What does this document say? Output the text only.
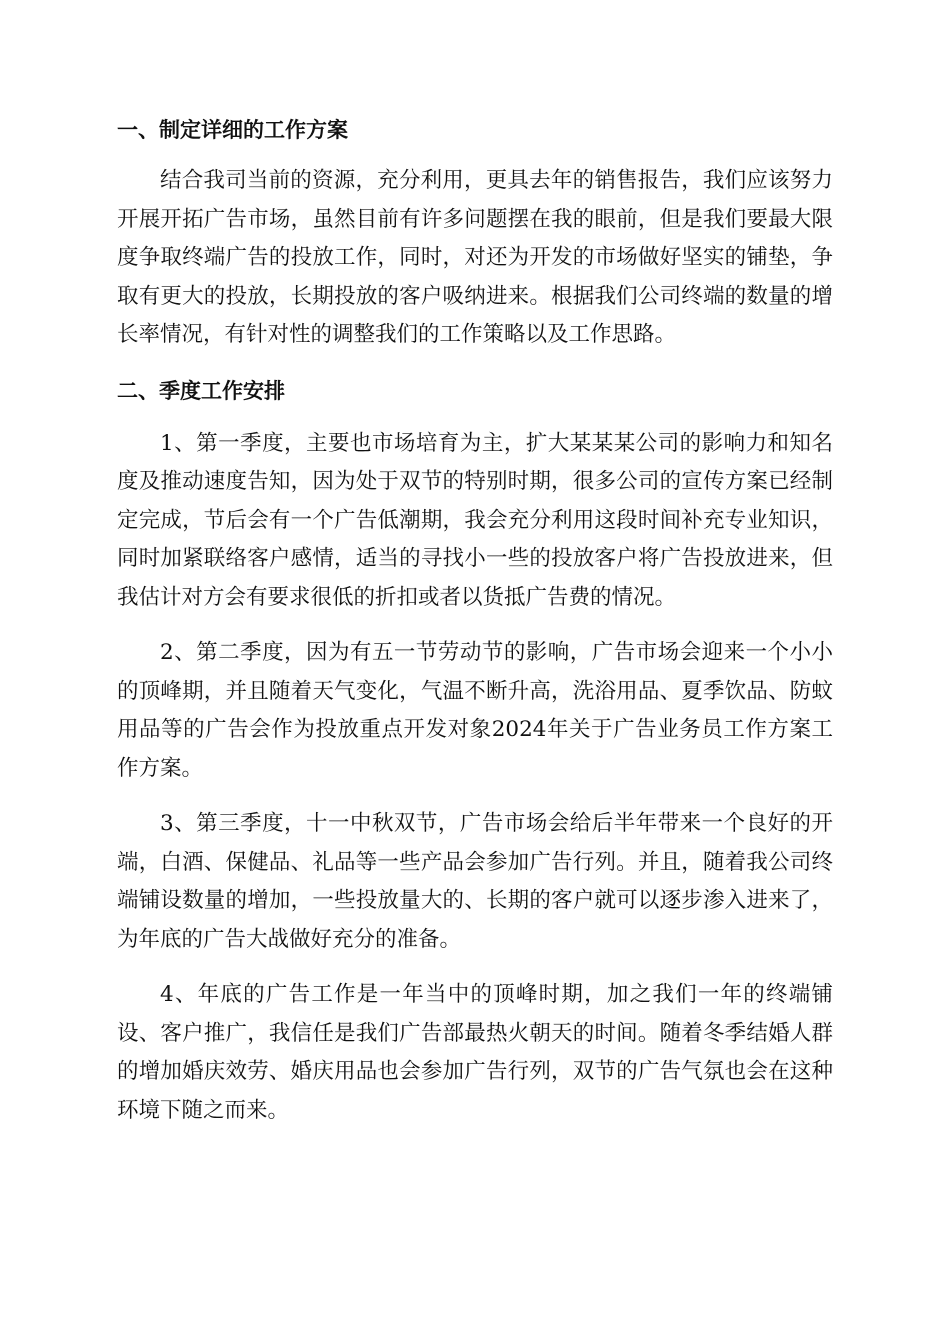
一、制定详细的工作方案

结合我司当前的资源，充分利用，更具去年的销售报告，我们应该努力开展开拓广告市场，虽然目前有许多问题摆在我的眼前，但是我们要最大限度争取终端广告的投放工作，同时，对还为开发的市场做好坚实的铺垫，争取有更大的投放，长期投放的客户吸纳进来。根据我们公司终端的数量的增长率情况，有针对性的调整我们的工作策略以及工作思路。

二、季度工作安排

1、第一季度，主要也市场培育为主，扩大某某某公司的影响力和知名度及推动速度告知，因为处于双节的特别时期，很多公司的宣传方案已经制定完成，节后会有一个广告低潮期，我会充分利用这段时间补充专业知识，同时加紧联络客户感情，适当的寻找小一些的投放客户将广告投放进来，但我估计对方会有要求很低的折扣或者以货抵广告费的情况。

2、第二季度，因为有五一节劳动节的影响，广告市场会迎来一个小小的顶峰期，并且随着天气变化，气温不断升高，洗浴用品、夏季饮品、防蚊用品等的广告会作为投放重点开发对象2024年关于广告业务员工作方案工作方案。

3、第三季度，十一中秋双节，广告市场会给后半年带来一个良好的开端，白酒、保健品、礼品等一些产品会参加广告行列。并且，随着我公司终端铺设数量的增加，一些投放量大的、长期的客户就可以逐步渗入进来了，为年底的广告大战做好充分的准备。

4、年底的广告工作是一年当中的顶峰时期，加之我们一年的终端铺设、客户推广，我信任是我们广告部最热火朝天的时间。随着冬季结婚人群的增加婚庆效劳、婚庆用品也会参加广告行列，双节的广告气氛也会在这种环境下随之而来。
